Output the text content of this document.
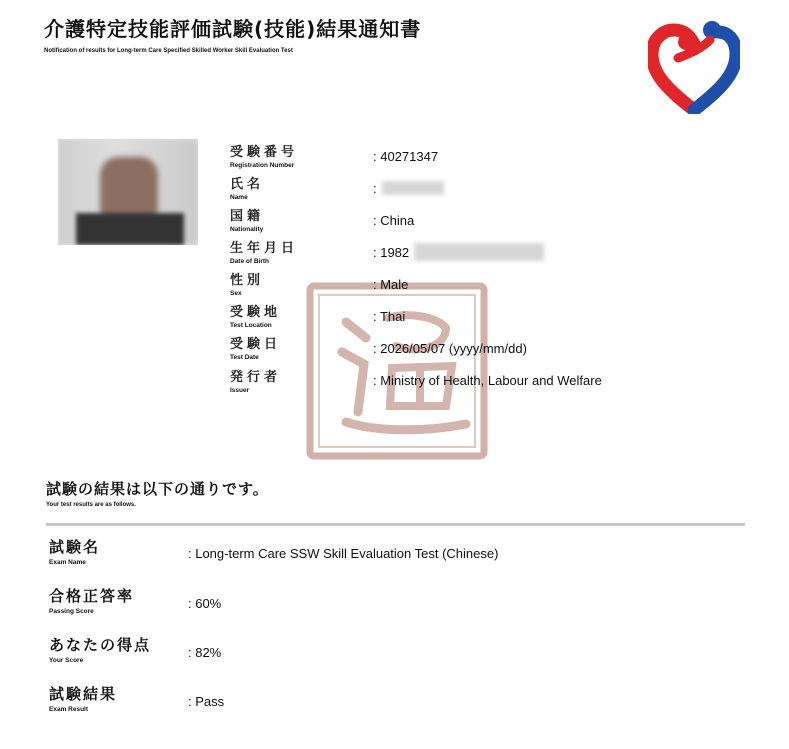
介護特定技能評価試験(技能)結果通知書
Notification of results for Long-term Care Specified Skilled Worker Skill Evaluation Test
受験番号
Registration Number
: 40271347
氏名
Name
:
国籍
Nationality
: China
生年月日
Date of Birth
: 1982
性別
Sex
: Male
受験地
Test Location
: Thai
受験日
Test Date
: 2026/05/07 (yyyy/mm/dd)
発行者
Issuer
: Ministry of Health, Labour and Welfare
試験の結果は以下の通りです。
Your test results are as follows.
試験名
Exam Name
: Long-term Care SSW Skill Evaluation Test (Chinese)
合格正答率
Passing Score
: 60%
あなたの得点
Your Score
: 82%
試験結果
Exam Result
: Pass
